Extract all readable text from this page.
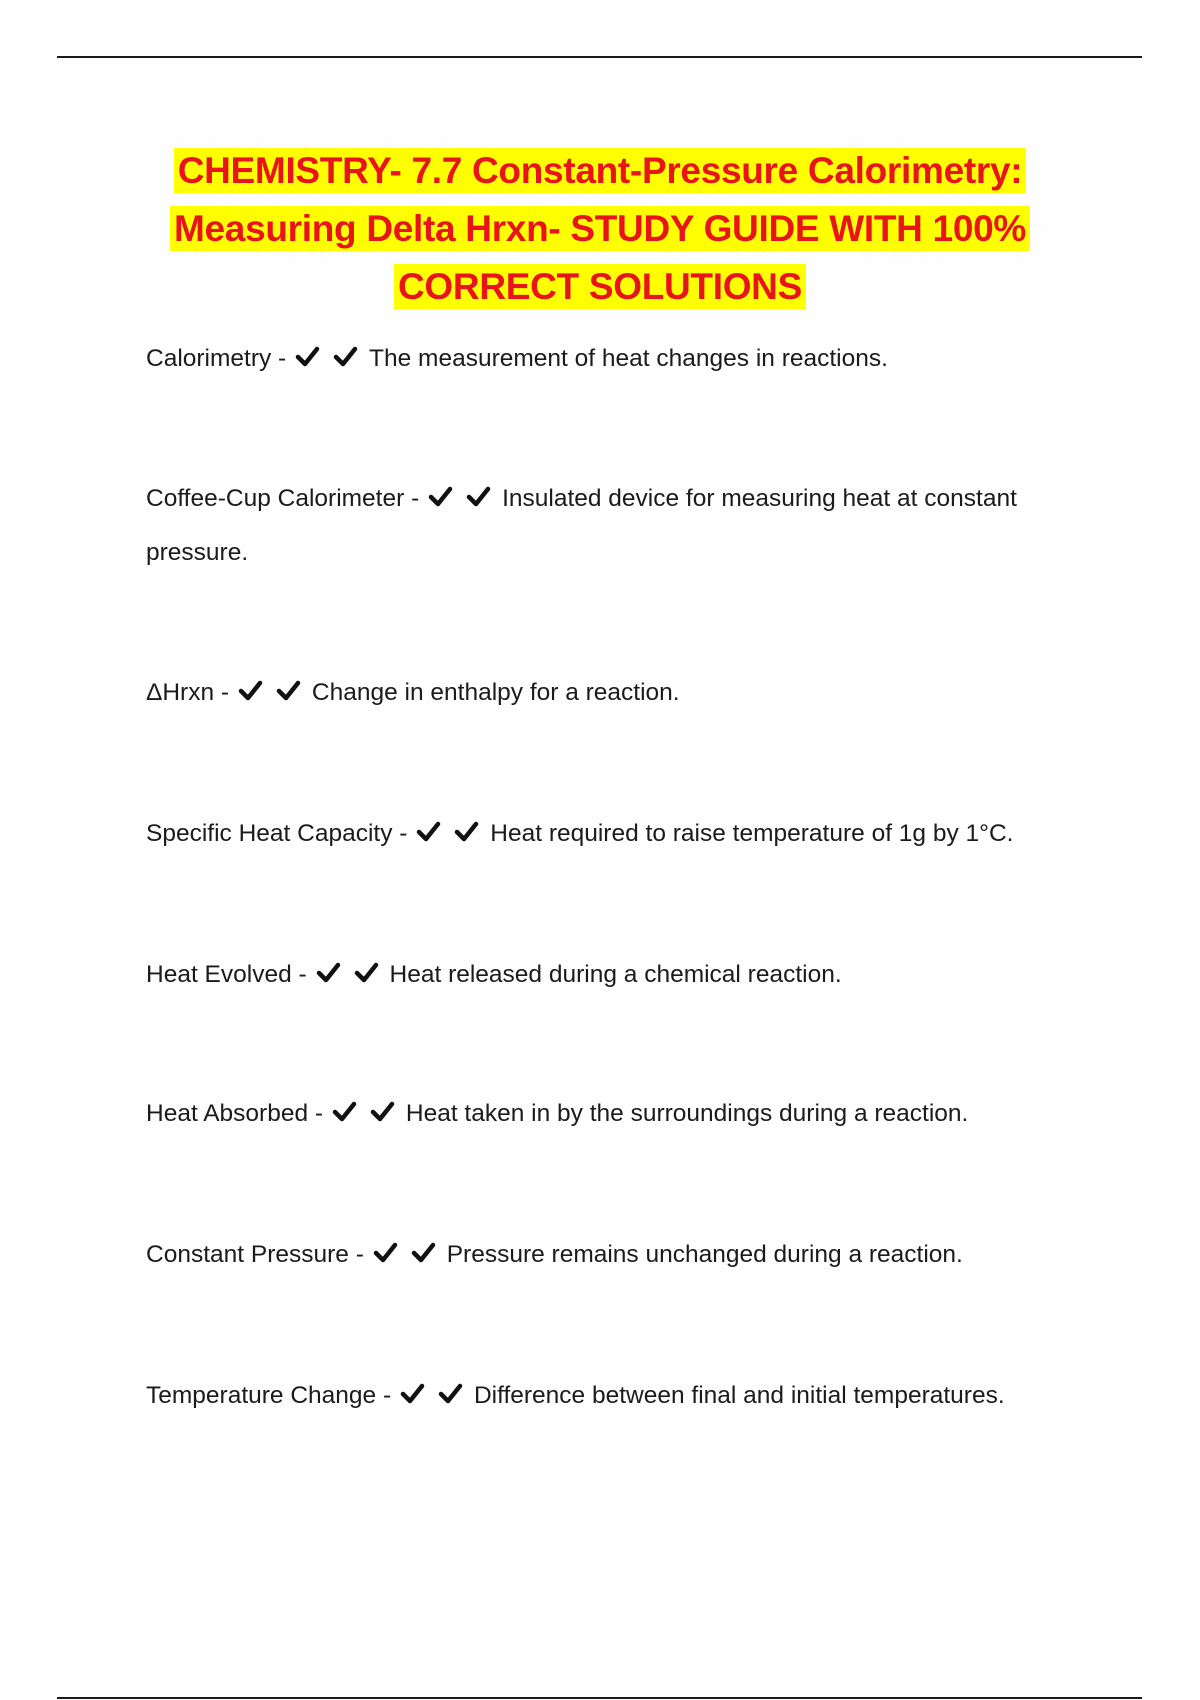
CHEMISTRY- 7.7 Constant-Pressure Calorimetry: Measuring Delta Hrxn- STUDY GUIDE WITH 100% CORRECT SOLUTIONS
Calorimetry -	The measurement of heat changes in reactions.
Coffee-Cup Calorimeter -	Insulated device for measuring heat at constant pressure.
ΔHrxn -	Change in enthalpy for a reaction.
Specific Heat Capacity -	Heat required to raise temperature of 1g by 1°C.
Heat Evolved -	Heat released during a chemical reaction.
Heat Absorbed -	Heat taken in by the surroundings during a reaction.
Constant Pressure -	Pressure remains unchanged during a reaction.
Temperature Change -	Difference between final and initial temperatures.
